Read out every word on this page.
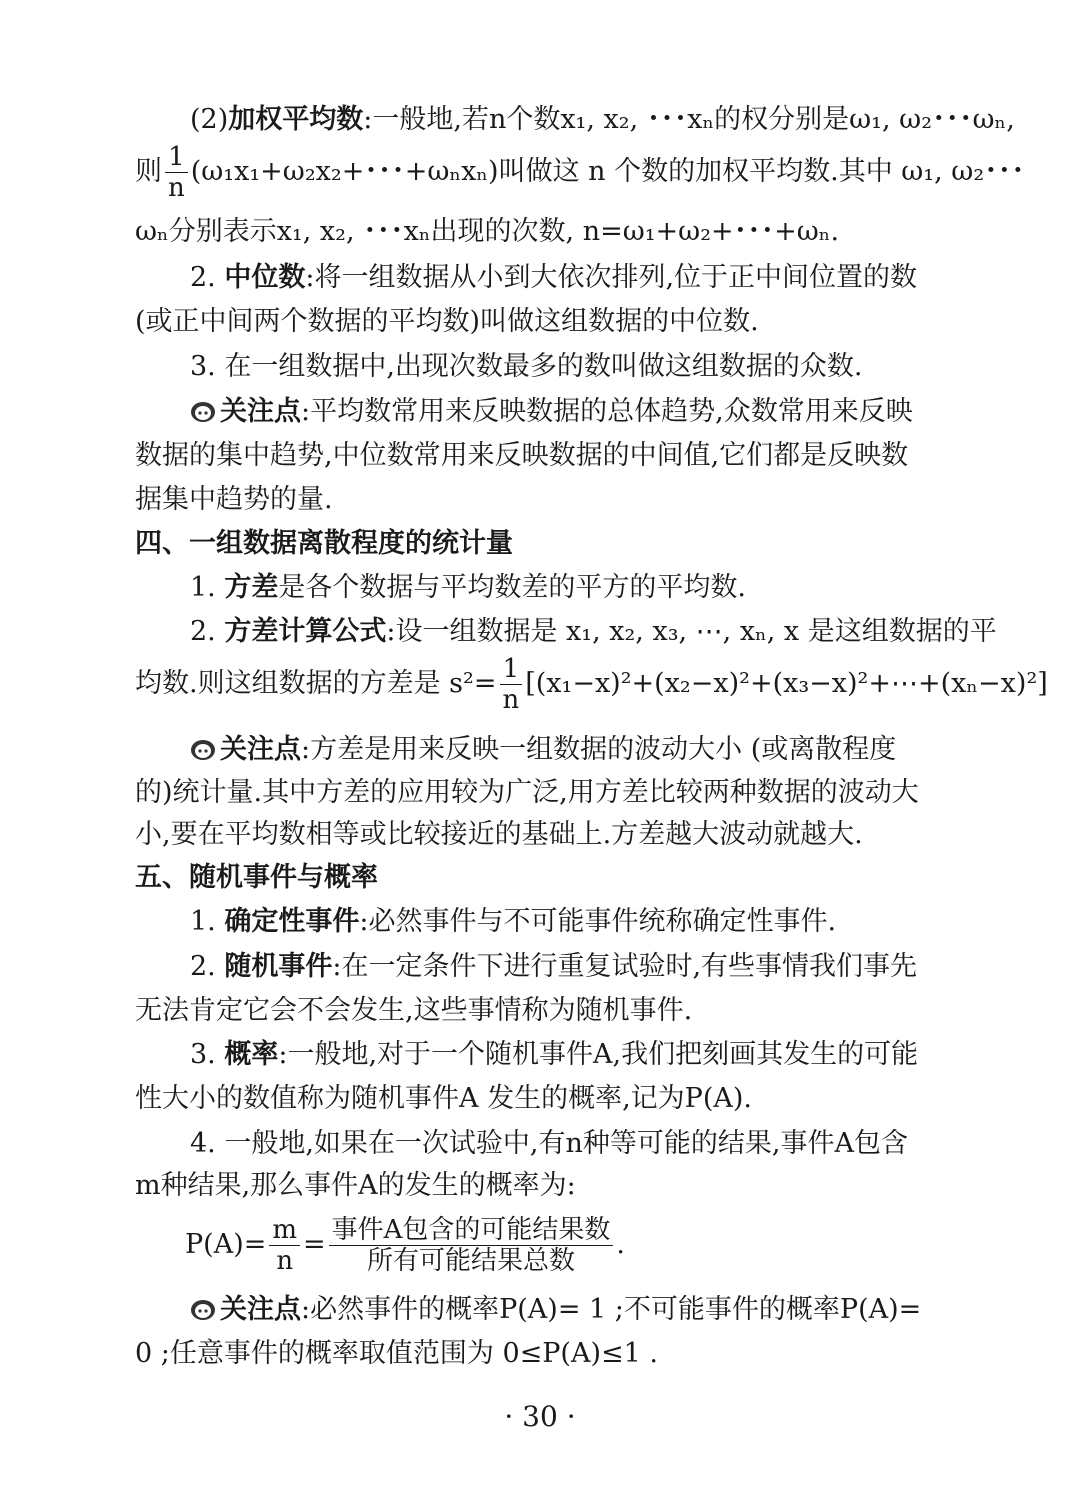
(2)加权平均数:一般地,若n个数x₁, x₂, ･･･xₙ的权分别是ω₁, ω₂･･･ωₙ,
则 $\frac{1}{n} (\omega_1x_1+\omega_2x_2+$･･･+ωₙxₙ)叫做这 n 个数的加权平均数.其中 ω₁, ω₂･･･
ωₙ分别表示x₁, x₂, ･･･xₙ出现的次数, n=ω₁+ω₂+･･･+ωₙ.
2. 中位数:将一组数据从小到大依次排列,位于正中间位置的数
(或正中间两个数据的平均数)叫做这组数据的中位数.
3. 在一组数据中,出现次数最多的数叫做这组数据的众数.
关注点:平均数常用来反映数据的总体趋势,众数常用来反映
数据的集中趋势,中位数常用来反映数据的中间值,它们都是反映数
据集中趋势的量.
四、一组数据离散程度的统计量
1. 方差是各个数据与平均数差的平方的平均数.
2. 方差计算公式:设一组数据是 x₁, x₂, x₃, ⋯, xₙ, x 是这组数据的平
均数.则这组数据的方差是 $s^2= \frac{1}{n}$ [(x₁−x)²+(x₂−x)²+(x₃−x)²+⋯+(xₙ−x)²]
关注点:方差是用来反映一组数据的波动大小 (或离散程度
的)统计量.其中方差的应用较为广泛,用方差比较两种数据的波动大
小,要在平均数相等或比较接近的基础上.方差越大波动就越大.
五、随机事件与概率
1. 确定性事件:必然事件与不可能事件统称确定性事件.
2. 随机事件:在一定条件下进行重复试验时,有些事情我们事先
无法肯定它会不会发生,这些事情称为随机事件.
3. 概率:一般地,对于一个随机事件A,我们把刻画其发生的可能
性大小的数值称为随机事件A 发生的概率,记为P(A).
4. 一般地,如果在一次试验中,有n种等可能的结果,事件A包含
m种结果,那么事件A的发生的概率为:
$P(A)= \frac{m}{n} = \frac{\text{事件A包含的可能结果数}}{\text{所有可能结果总数}}$ .
关注点:必然事件的概率P(A)= 1 ;不可能事件的概率P(A)=
0 ;任意事件的概率取值范围为 0≤P(A)≤1 .
· 30 ·
